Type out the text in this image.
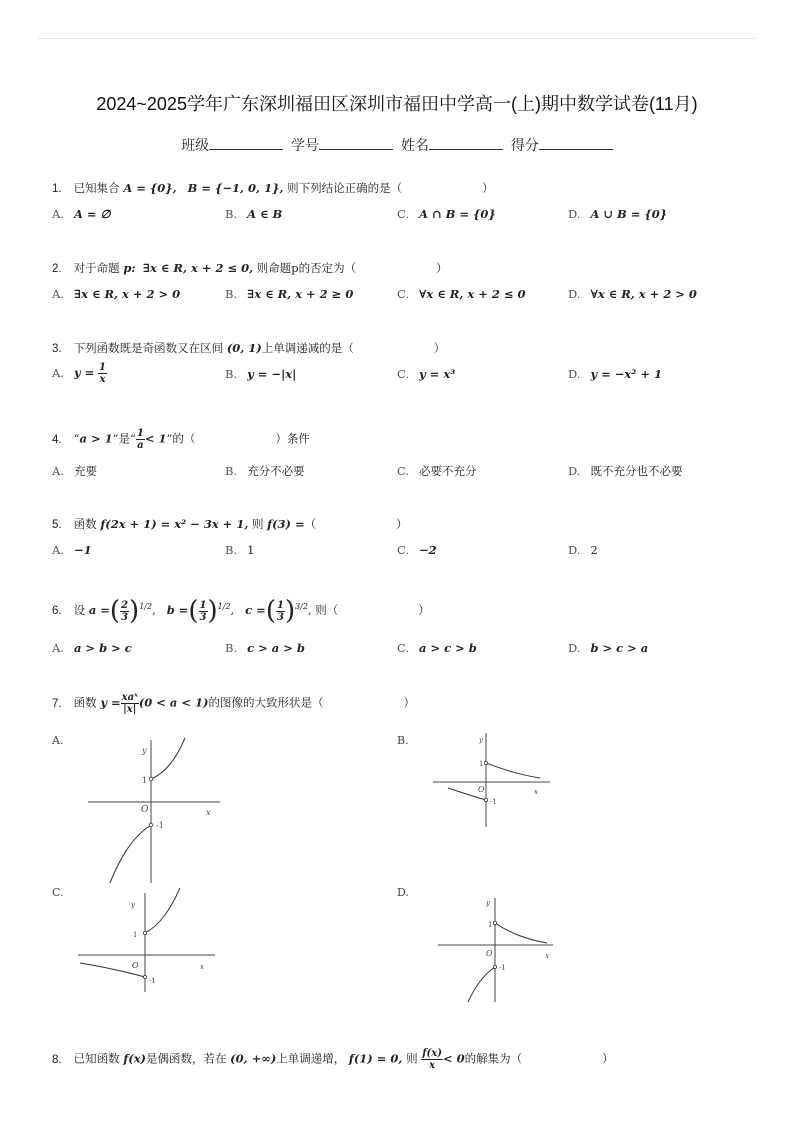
2024~2025学年广东深圳福田区深圳市福田中学高一(上)期中数学试卷(11月)
班级	学号	姓名	得分
1. 已知集合 A = {0}, B = {−1, 0, 1}, 则下列结论正确的是（	）
A. A = ∅	B. A ∈ B	C. A ∩ B = {0}	D. A ∪ B = {0}
2. 对于命题 p: ∃x ∈ R, x + 2 ≤ 0, 则命题p的否定为（	）
A. ∃x ∈ R, x + 2 > 0	B. ∃x ∈ R, x + 2 ≥ 0	C. ∀x ∈ R, x + 2 ≤ 0	D. ∀x ∈ R, x + 2 > 0
3. 下列函数既是奇函数又在区间 (0, 1)上单调递减的是（	）
A. $y = \frac{1}{x}$	B. y = −|x|	C. y = x³	D. y = −x² + 1
4. “a > 1”是“ $\frac{1}{a} < 1$”的（	）条件
A. 充要	B. 充分不必要	C. 必要不充分	D. 既不充分也不必要
5. 函数 f(2x + 1) = x² − 3x + 1, 则 f(3) =（	）
A. −1	B. 1	C. −2	D. 2
6. 设 a =( $\frac{2}{3} )^{1/2}$,   b =( $\frac{1}{3} )^{1/2}$,   c =( $\frac{1}{3} )^{3/2}$, 则（	）
A. a > b > c	B. c > a > b	C. a > c > b	D. b > c > a
7. 函数 $y = \frac{\text{xaˣ}}{|x|} (0 < a < 1)$的图像的大致形状是（	）
A.
y
1
O	x
-1
B.	y
1
O	x
-1
C.
y
1
O	x
-1
D.
y
1
O	x
-1
8. 已知函数 f(x)是偶函数，若在 (0, +∞)上单调递增， f(1) = 0, 则 $\frac{f(x)}{x} < 0$的解集为（	）
